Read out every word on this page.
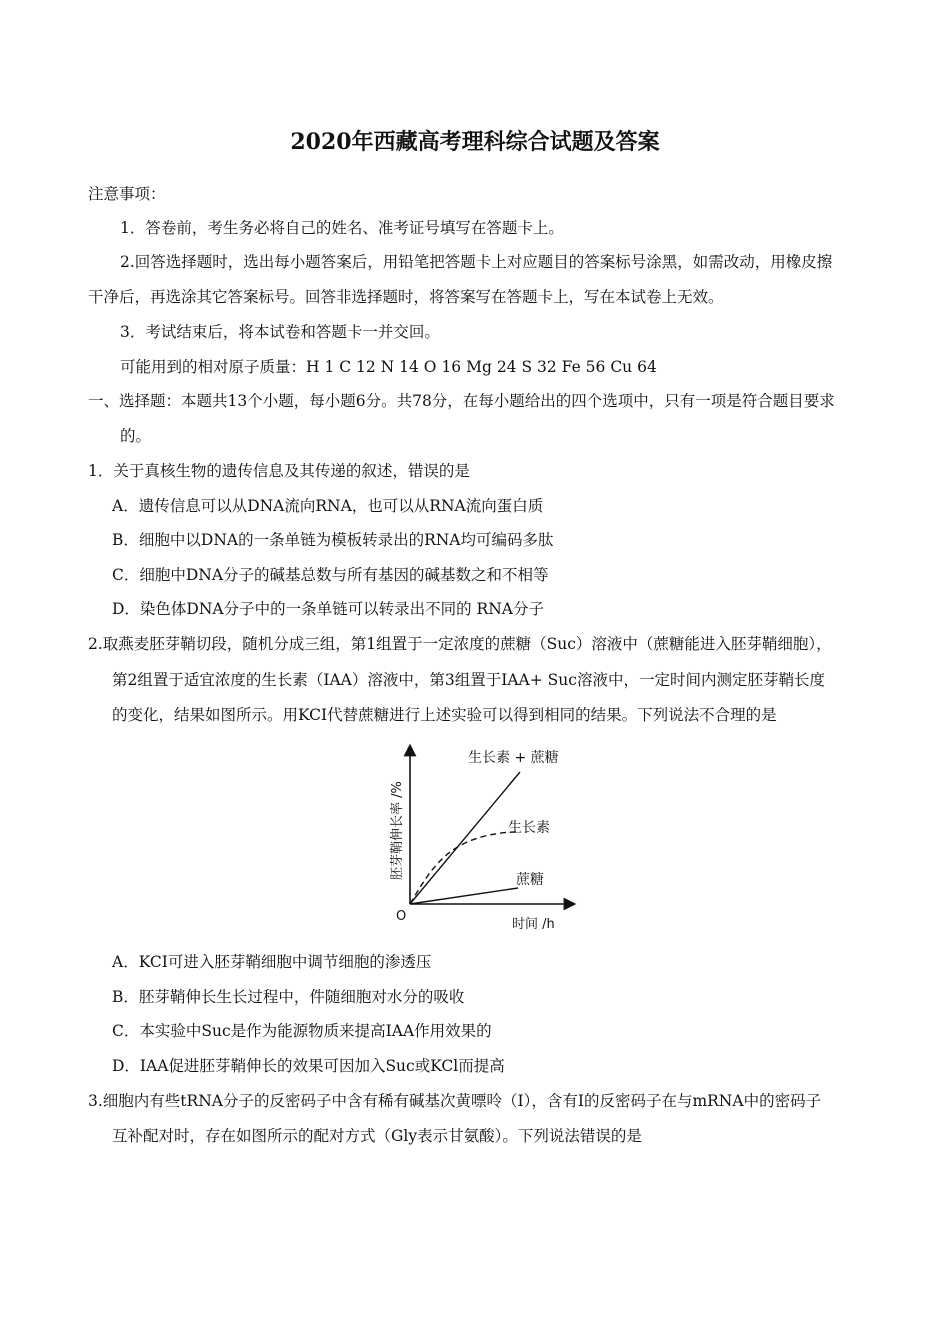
2020年西藏高考理科综合试题及答案
注意事项：
1．答卷前，考生务必将自己的姓名、准考证号填写在答题卡上。
2.回答选择题时，选出每小题答案后，用铅笔把答题卡上对应题目的答案标号涂黑，如需改动，用橡皮擦
干净后，再选涂其它答案标号。回答非选择题时，将答案写在答题卡上，写在本试卷上无效。
3．考试结束后，将本试卷和答题卡一并交回。
可能用到的相对原子质量：H 1 C 12 N 14 O 16 Mg 24 S 32 Fe 56 Cu 64
一、选择题：本题共13个小题，每小题6分。共78分，在每小题给出的四个选项中，只有一项是符合题目要求
的。
1．关于真核生物的遗传信息及其传递的叙述，错误的是
A．遗传信息可以从DNA流向RNA，也可以从RNA流向蛋白质
B．细胞中以DNA的一条单链为模板转录出的RNA均可编码多肽
C．细胞中DNA分子的碱基总数与所有基因的碱基数之和不相等
D．染色体DNA分子中的一条单链可以转录出不同的 RNA分子
2.取燕麦胚芽鞘切段，随机分成三组，第1组置于一定浓度的蔗糖（Suc）溶液中（蔗糖能进入胚芽鞘细胞），
第2组置于适宜浓度的生长素（IAA）溶液中，第3组置于IAA+ Suc溶液中，一定时间内测定胚芽鞘长度
的变化，结果如图所示。用KCI代替蔗糖进行上述实验可以得到相同的结果。下列说法不合理的是
生长素 + 蔗糖
生长素
蔗糖
O
时间 /h
胚芽鞘伸长率 /%
A．KCI可进入胚芽鞘细胞中调节细胞的渗透压
B．胚芽鞘伸长生长过程中，件随细胞对水分的吸收
C．本实验中Suc是作为能源物质来提高IAA作用效果的
D．IAA促进胚芽鞘伸长的效果可因加入Suc或KCl而提高
3.细胞内有些tRNA分子的反密码子中含有稀有碱基次黄嘌呤（I），含有I的反密码子在与mRNA中的密码子
互补配对时，存在如图所示的配对方式（Gly表示甘氨酸）。下列说法错误的是
